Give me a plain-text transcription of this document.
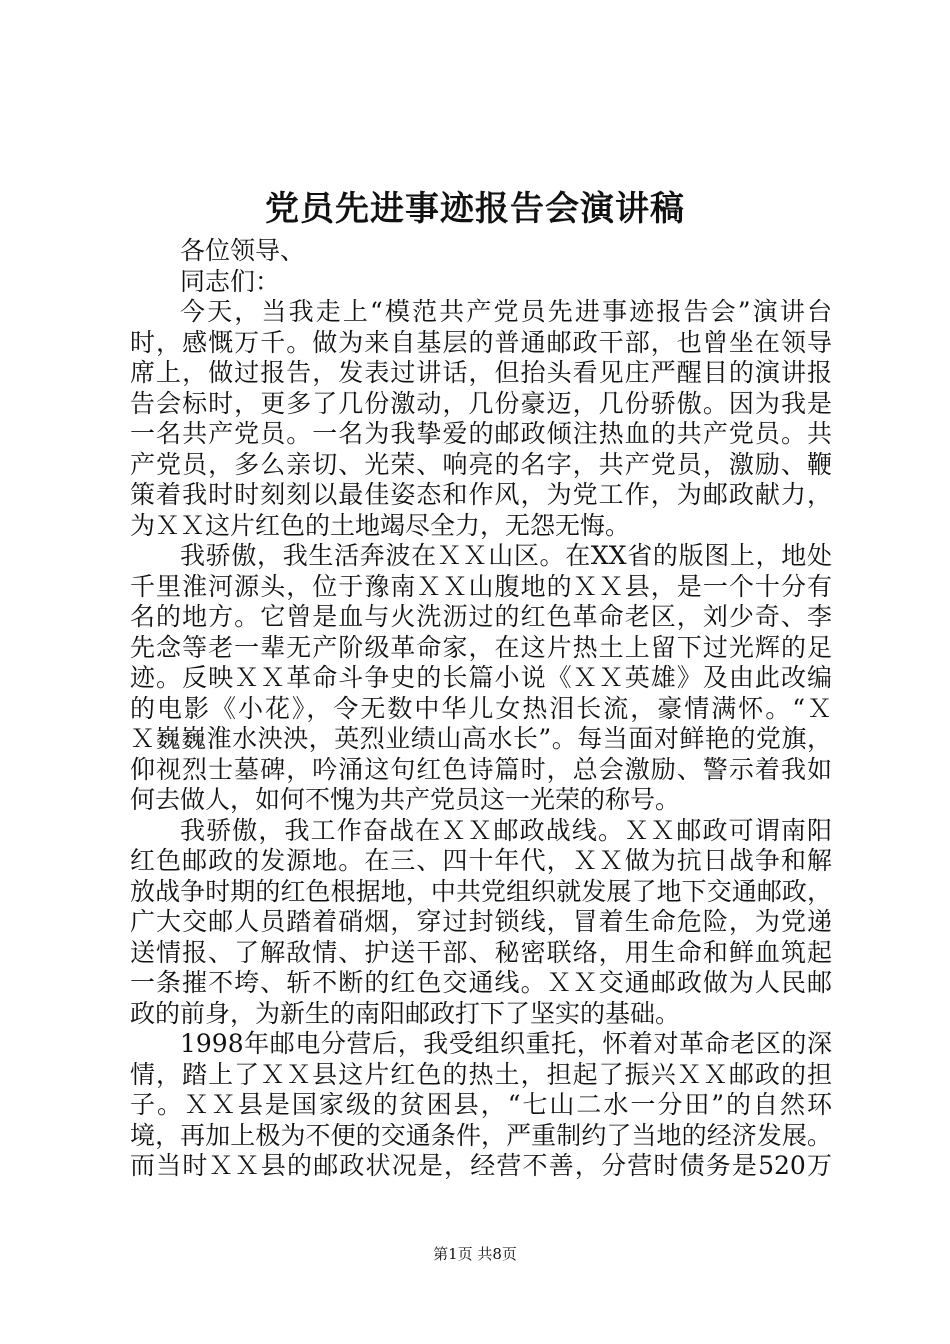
党员先进事迹报告会演讲稿
各位领导、
同志们：
今天，当我走上“模范共产党员先进事迹报告会”演讲台
时，感慨万千。做为来自基层的普通邮政干部，也曾坐在领导
席上，做过报告，发表过讲话，但抬头看见庄严醒目的演讲报
告会标时，更多了几份激动，几份豪迈，几份骄傲。因为我是
一名共产党员。一名为我挚爱的邮政倾注热血的共产党员。共
产党员，多么亲切、光荣、响亮的名字，共产党员，激励、鞭
策着我时时刻刻以最佳姿态和作风，为党工作，为邮政献力，
为ＸＸ这片红色的土地竭尽全力，无怨无悔。
我骄傲，我生活奔波在ＸＸ山区。在XX省的版图上，地处
千里淮河源头，位于豫南ＸＸ山腹地的ＸＸ县，是一个十分有
名的地方。它曾是血与火洗沥过的红色革命老区，刘少奇、李
先念等老一辈无产阶级革命家，在这片热土上留下过光辉的足
迹。反映ＸＸ革命斗争史的长篇小说《ＸＸ英雄》及由此改编
的电影《小花》，令无数中华儿女热泪长流，豪情满怀。“Ｘ
Ｘ巍巍淮水泱泱，英烈业绩山高水长”。每当面对鲜艳的党旗，
仰视烈士墓碑，吟涌这句红色诗篇时，总会激励、警示着我如
何去做人，如何不愧为共产党员这一光荣的称号。
我骄傲，我工作奋战在ＸＸ邮政战线。ＸＸ邮政可谓南阳
红色邮政的发源地。在三、四十年代，ＸＸ做为抗日战争和解
放战争时期的红色根据地，中共党组织就发展了地下交通邮政，
广大交邮人员踏着硝烟，穿过封锁线，冒着生命危险，为党递
送情报、了解敌情、护送干部、秘密联络，用生命和鲜血筑起
一条摧不垮、斩不断的红色交通线。ＸＸ交通邮政做为人民邮
政的前身，为新生的南阳邮政打下了坚实的基础。
1998年邮电分营后，我受组织重托，怀着对革命老区的深
情，踏上了ＸＸ县这片红色的热土，担起了振兴ＸＸ邮政的担
子。ＸＸ县是国家级的贫困县，“七山二水一分田”的自然环
境，再加上极为不便的交通条件，严重制约了当地的经济发展。
而当时ＸＸ县的邮政状况是，经营不善，分营时债务是520万
第1页 共8页
